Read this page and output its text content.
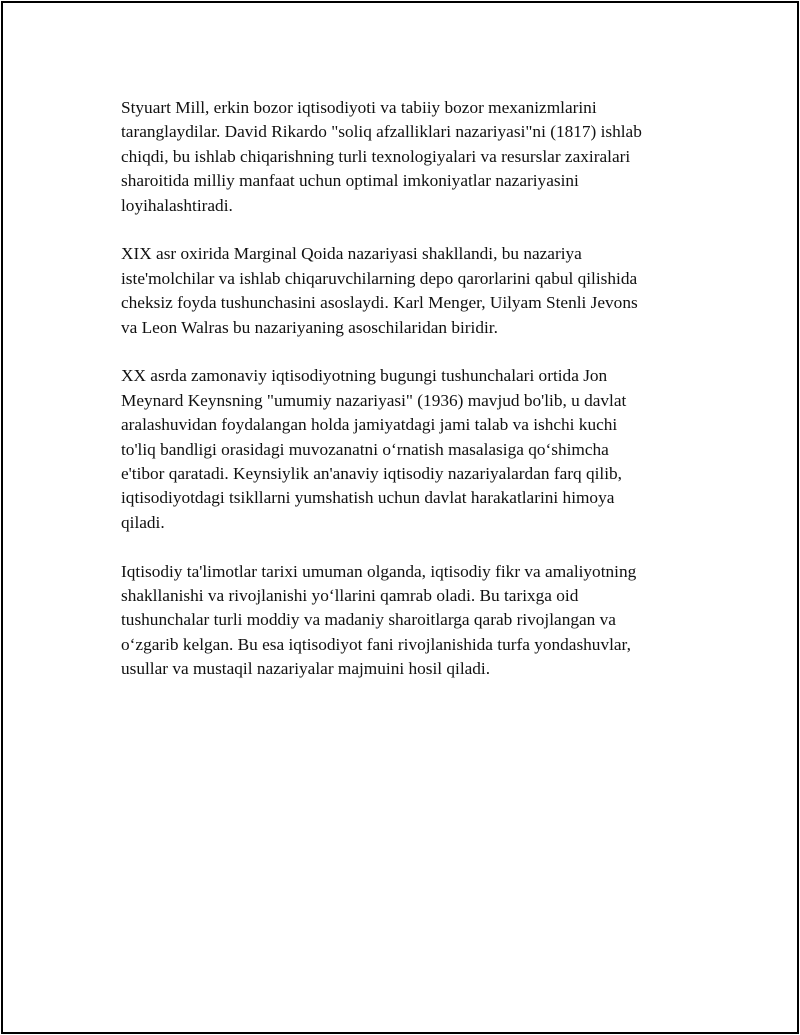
Styuart Mill, erkin bozor iqtisodiyoti va tabiiy bozor mexanizmlarini
taranglaydilar. David Rikardo "soliq afzalliklari nazariyasi"ni (1817) ishlab
chiqdi, bu ishlab chiqarishning turli texnologiyalari va resurslar zaxiralari
sharoitida milliy manfaat uchun optimal imkoniyatlar nazariyasini
loyihalashtiradi.

XIX asr oxirida Marginal Qoida nazariyasi shakllandi, bu nazariya
iste'molchilar va ishlab chiqaruvchilarning depo qarorlarini qabul qilishida
cheksiz foyda tushunchasini asoslaydi. Karl Menger, Uilyam Stenli Jevons
va Leon Walras bu nazariyaning asoschilaridan biridir.

XX asrda zamonaviy iqtisodiyotning bugungi tushunchalari ortida Jon
Meynard Keynsning "umumiy nazariyasi" (1936) mavjud bo'lib, u davlat
aralashuvidan foydalangan holda jamiyatdagi jami talab va ishchi kuchi
to'liq bandligi orasidagi muvozanatni o‘rnatish masalasiga qo‘shimcha
e'tibor qaratadi. Keynsiylik an'anaviy iqtisodiy nazariyalardan farq qilib,
iqtisodiyotdagi tsikllarni yumshatish uchun davlat harakatlarini himoya
qiladi.

Iqtisodiy ta'limotlar tarixi umuman olganda, iqtisodiy fikr va amaliyotning
shakllanishi va rivojlanishi yo‘llarini qamrab oladi. Bu tarixga oid
tushunchalar turli moddiy va madaniy sharoitlarga qarab rivojlangan va
o‘zgarib kelgan. Bu esa iqtisodiyot fani rivojlanishida turfa yondashuvlar,
usullar va mustaqil nazariyalar majmuini hosil qiladi.
